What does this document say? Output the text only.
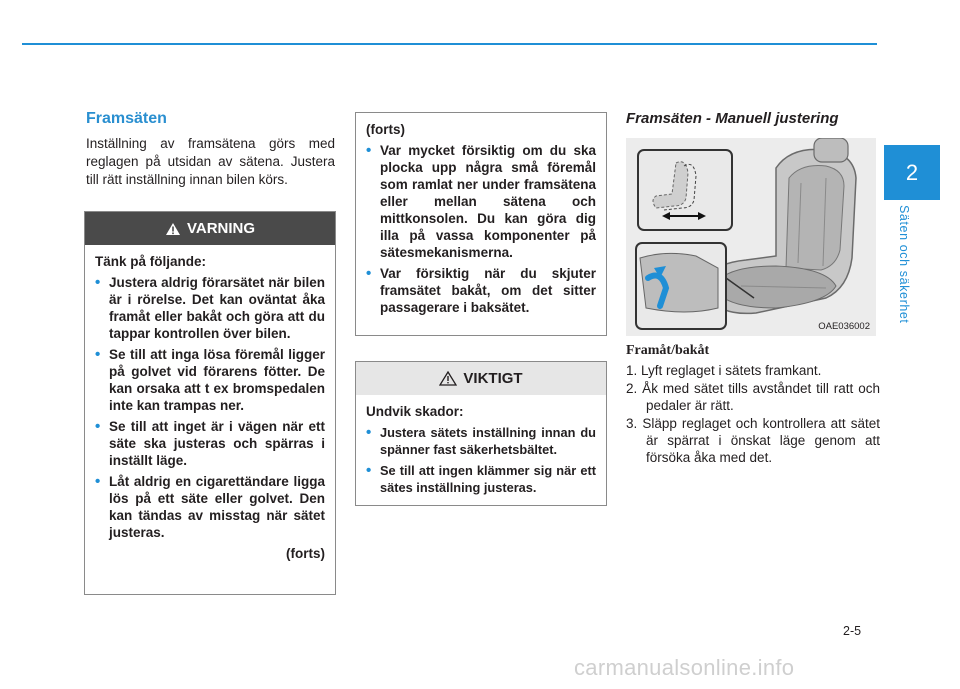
2
Säten och säkerhet
Framsäten

Inställning av framsätena görs med reglagen på utsidan av sätena. Justera till rätt inställning innan bilen körs.

VARNING

Tänk på följande:

• Justera aldrig förarsätet när bilen är i rörelse. Det kan oväntat åka framåt eller bakåt och göra att du tappar kontrollen över bilen.
• Se till att inga lösa föremål ligger på golvet vid förarens fötter. De kan orsaka att t ex bromspedalen inte kan trampas ner.
• Se till att inget är i vägen när ett säte ska justeras och spärras i inställt läge.
• Låt aldrig en cigarettändare ligga lös på ett säte eller golvet. Den kan tändas av misstag när sätet justeras.
(forts)

(forts)

• Var mycket försiktig om du ska plocka upp några små föremål som ramlat ner under framsätena eller mellan sätena och mittkonsolen. Du kan göra dig illa på vassa komponenter på sätesmekanismerna.
• Var försiktig när du skjuter framsätet bakåt, om det sitter passagerare i baksätet.
VIKTIGT

Undvik skador:

• Justera sätets inställning innan du spänner fast säkerhetsbältet.
• Se till att ingen klämmer sig när ett sätes inställning justeras.
Framsäten - Manuell justering
OAE036002
Framåt/bakåt
1. Lyft reglaget i sätets framkant.
2. Åk med sätet tills avståndet till ratt och pedaler är rätt.
3. Släpp reglaget och kontrollera att sätet är spärrat i önskat läge genom att försöka åka med det.
2-5
carmanualsonline.info
